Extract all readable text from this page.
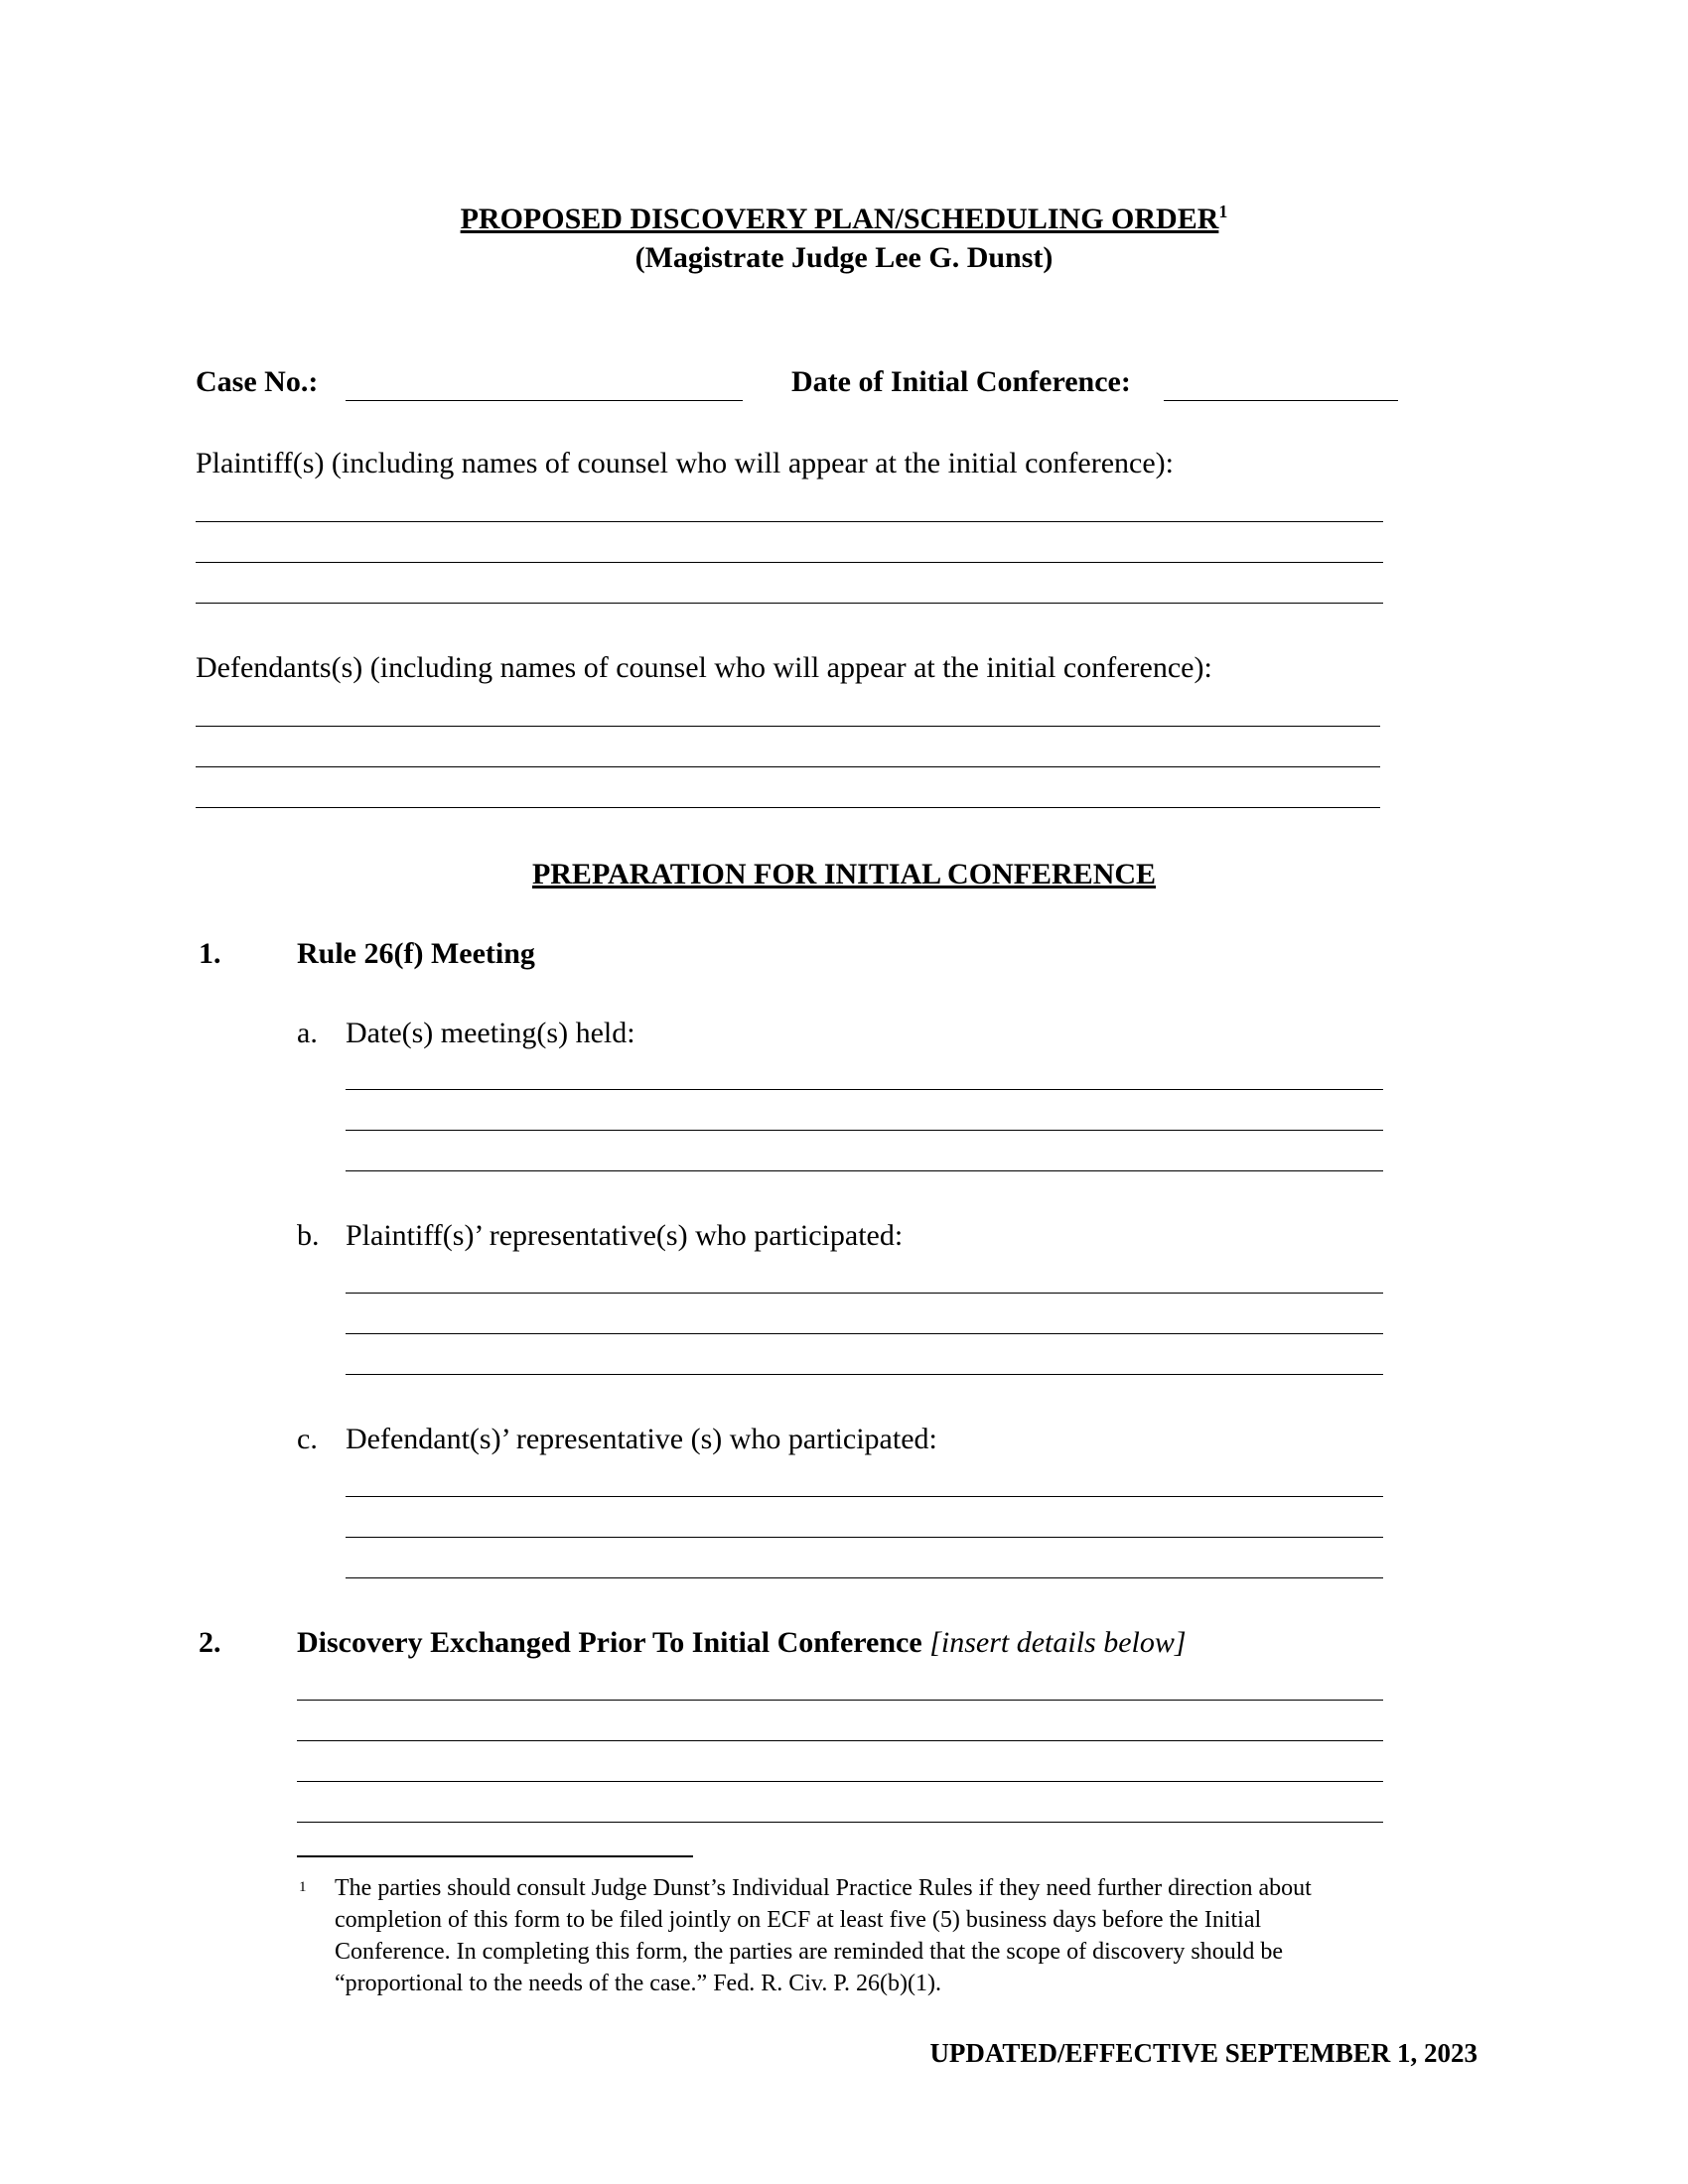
PROPOSED DISCOVERY PLAN/SCHEDULING ORDER$^1$
(Magistrate Judge Lee G. Dunst)
Case No.:	Date of Initial Conference:
Plaintiff(s) (including names of counsel who will appear at the initial conference):
Defendants(s) (including names of counsel who will appear at the initial conference):
PREPARATION FOR INITIAL CONFERENCE
1.	Rule 26(f) Meeting
a. Date(s) meeting(s) held:
b. Plaintiff(s)’ representative(s) who participated:
c. Defendant(s)’ representative (s) who participated:
2.	Discovery Exchanged Prior To Initial Conference [insert details below]
1 The parties should consult Judge Dunst’s Individual Practice Rules if they need further direction about
completion of this form to be filed jointly on ECF at least five (5) business days before the Initial
Conference. In completing this form, the parties are reminded that the scope of discovery should be
“proportional to the needs of the case.” Fed. R. Civ. P. 26(b)(1).
UPDATED/EFFECTIVE SEPTEMBER 1, 2023
